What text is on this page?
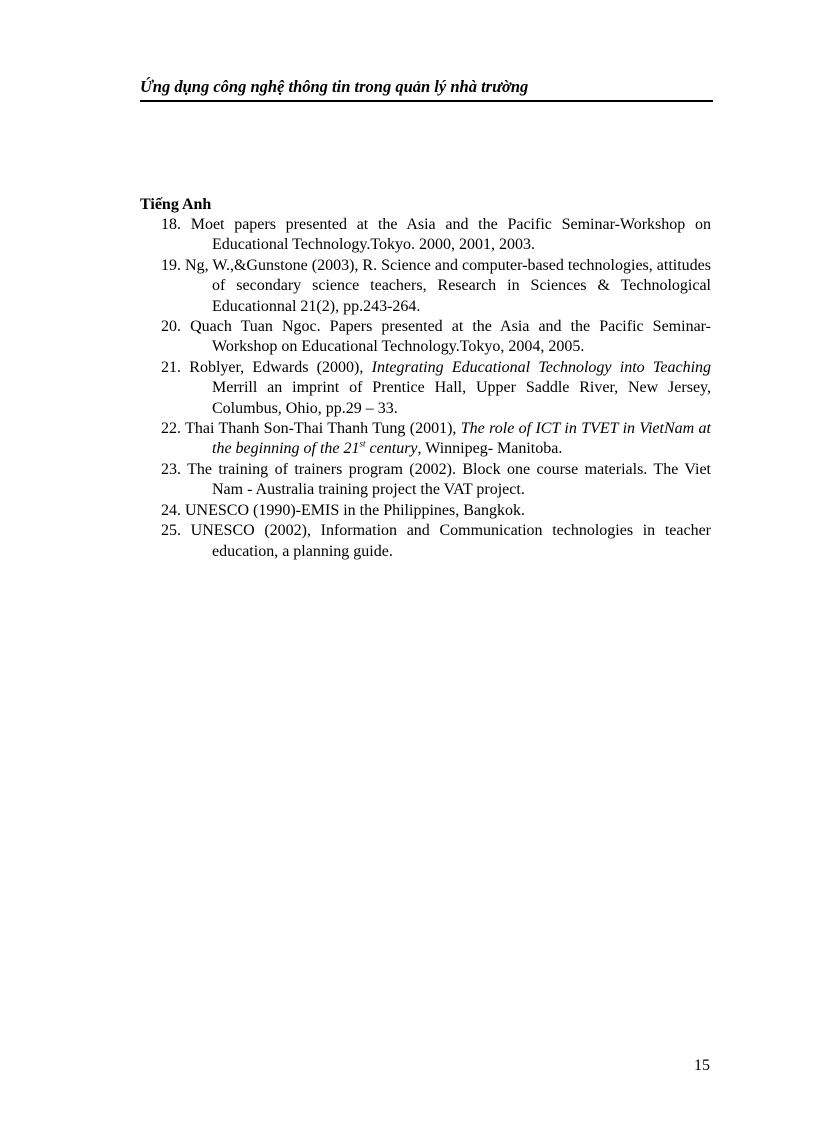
Ứng dụng công nghệ thông tin trong quản lý nhà trường

Tiếng Anh

18. Moet papers presented at the Asia and the Pacific Seminar-Workshop on Educational Technology.Tokyo. 2000, 2001, 2003.
19. Ng, W.,&Gunstone (2003), R. Science and computer-based technologies, attitudes of secondary science teachers, Research in Sciences & Technological Educationnal 21(2), pp.243-264.
20. Quach Tuan Ngoc. Papers presented at the Asia and the Pacific Seminar-Workshop on Educational Technology.Tokyo, 2004, 2005.
21. Roblyer, Edwards (2000), Integrating Educational Technology into Teaching Merrill an imprint of Prentice Hall, Upper Saddle River, New Jersey, Columbus, Ohio, pp.29 – 33.
22. Thai Thanh Son-Thai Thanh Tung (2001), The role of ICT in TVET in VietNam at the beginning of the 21st century, Winnipeg- Manitoba.
23. The training of trainers program (2002). Block one course materials. The Viet Nam - Australia training project the VAT project.
24. UNESCO (1990)-EMIS in the Philippines, Bangkok.
25. UNESCO (2002), Information and Communication technologies in teacher education, a planning guide.
15
